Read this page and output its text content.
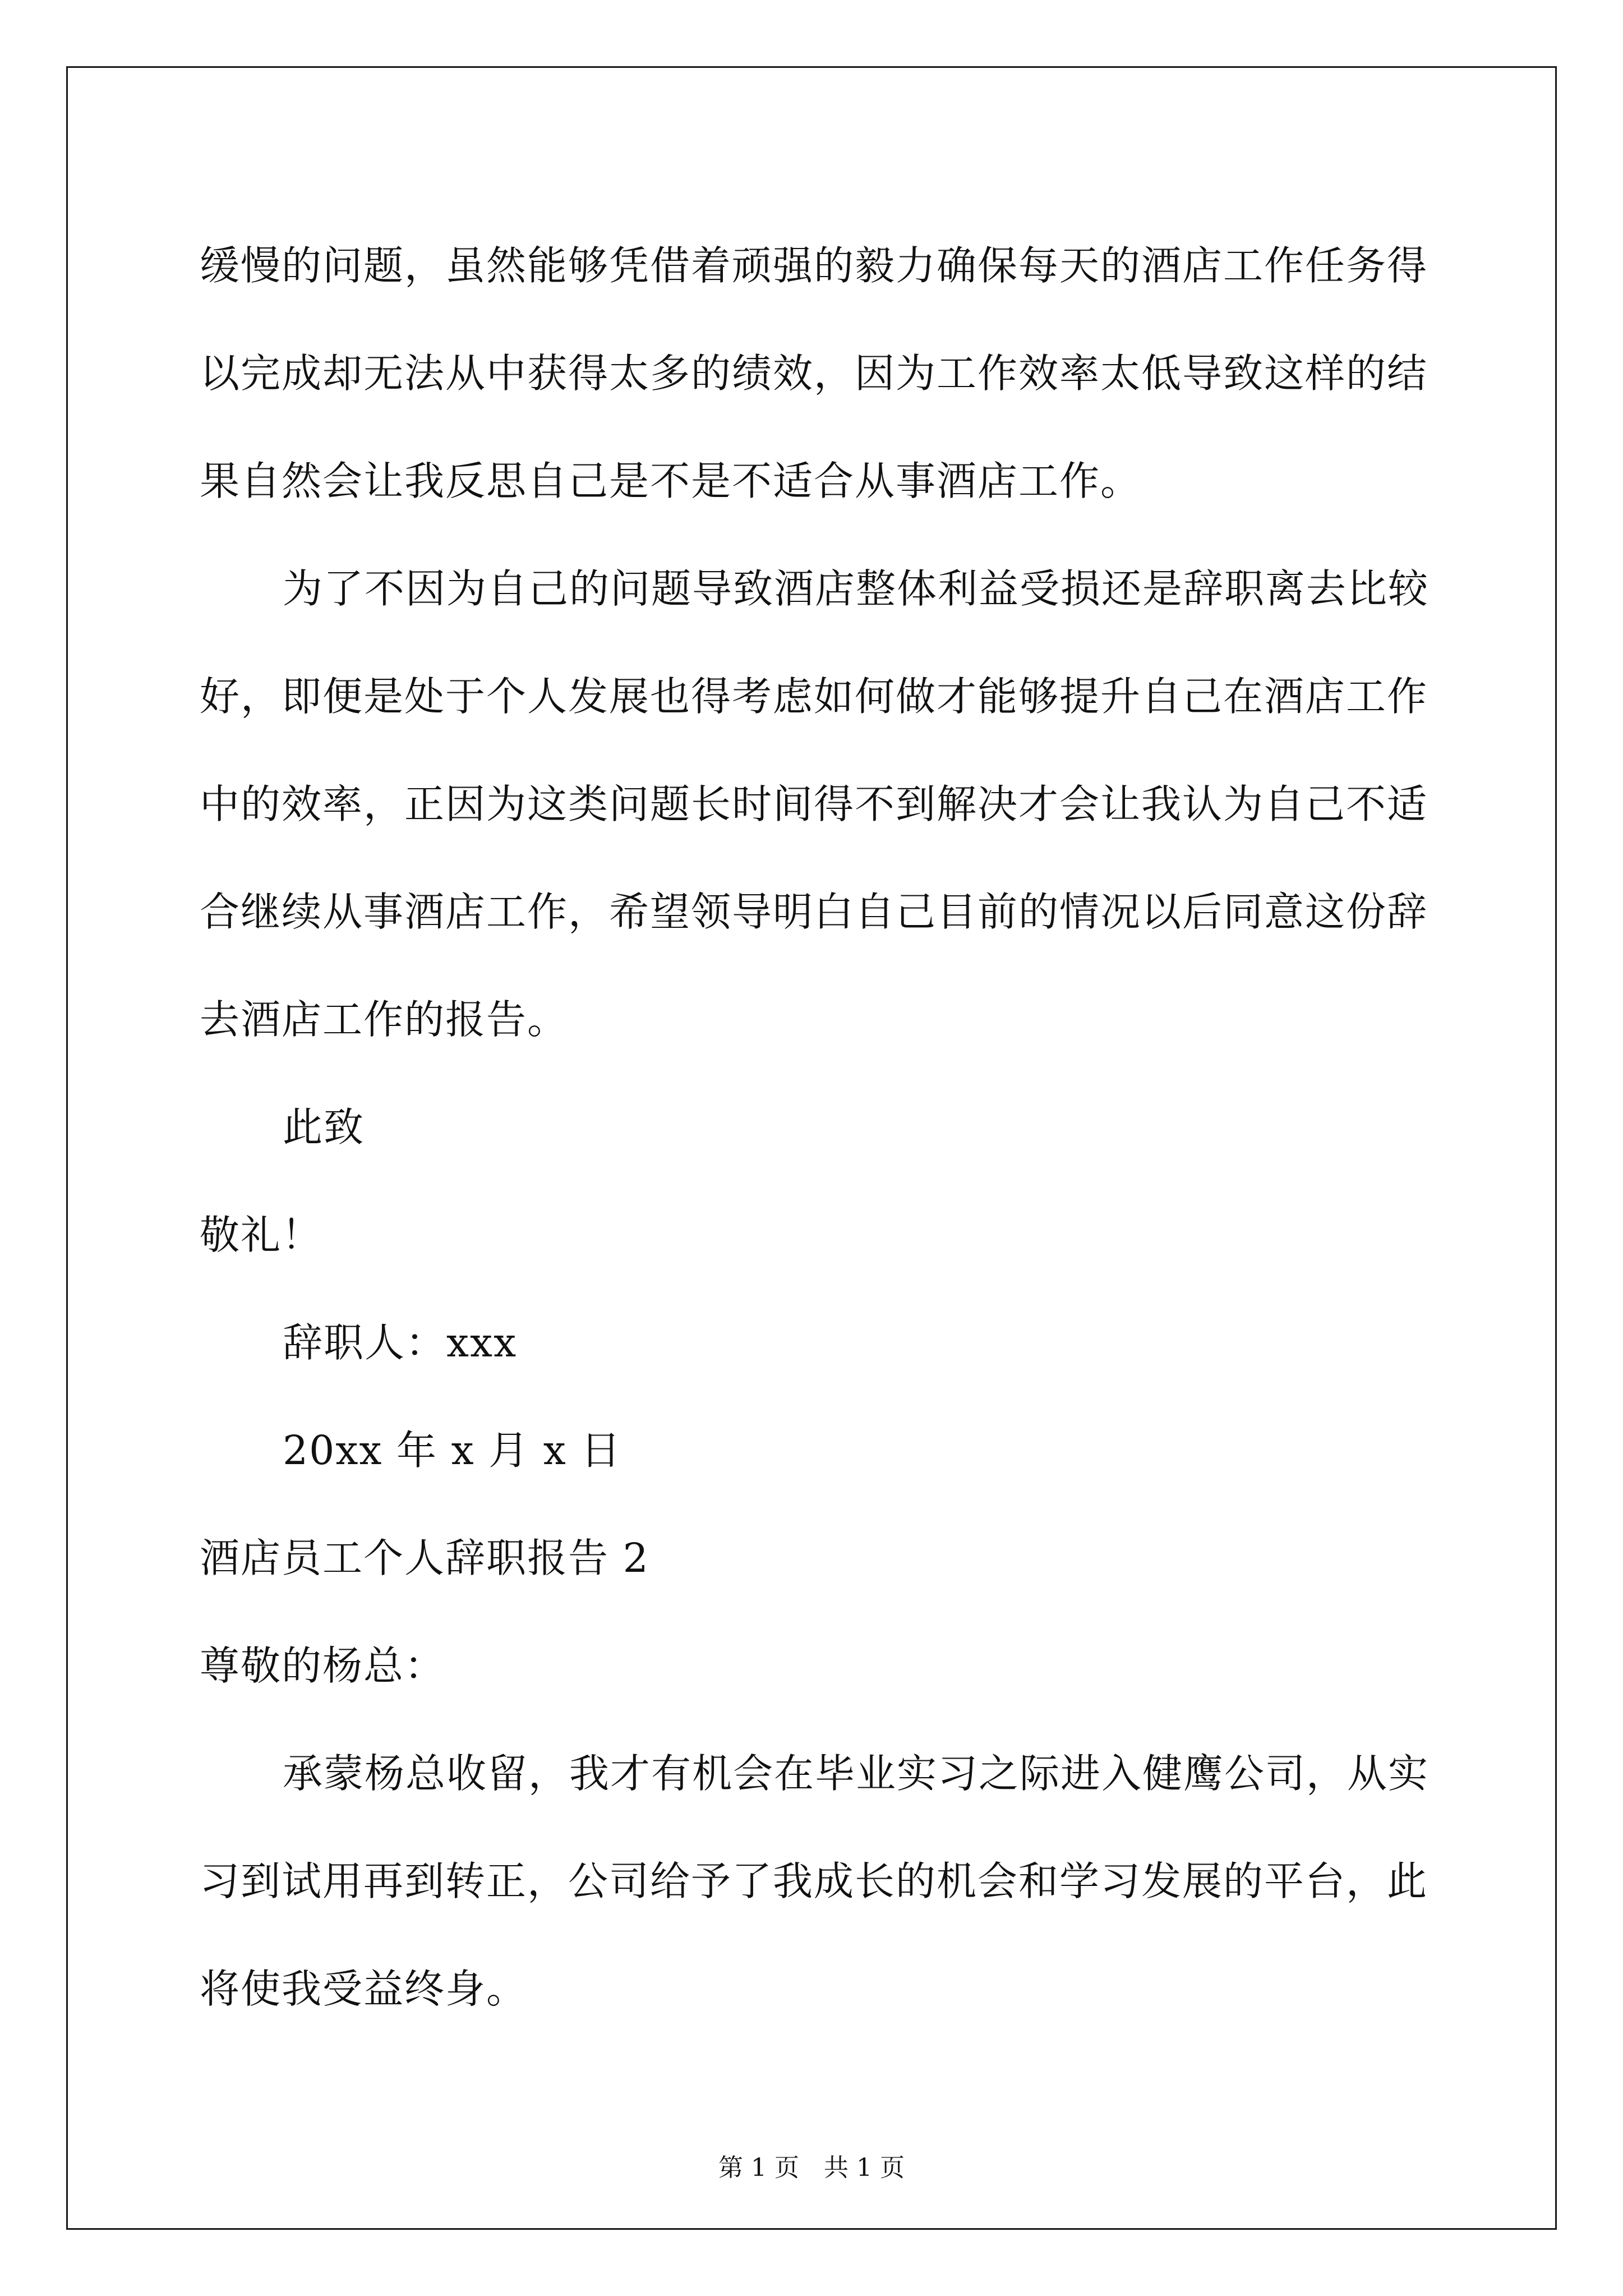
缓慢的问题，虽然能够凭借着顽强的毅力确保每天的酒店工作任务得
以完成却无法从中获得太多的绩效，因为工作效率太低导致这样的结
果自然会让我反思自己是不是不适合从事酒店工作。
为了不因为自己的问题导致酒店整体利益受损还是辞职离去比较
好，即便是处于个人发展也得考虑如何做才能够提升自己在酒店工作
中的效率，正因为这类问题长时间得不到解决才会让我认为自己不适
合继续从事酒店工作，希望领导明白自己目前的情况以后同意这份辞
去酒店工作的报告。
此致
敬礼！
辞职人：xxx
20xx 年 x 月 x 日
酒店员工个人辞职报告 2
尊敬的杨总：
承蒙杨总收留，我才有机会在毕业实习之际进入健鹰公司，从实
习到试用再到转正，公司给予了我成长的机会和学习发展的平台，此
将使我受益终身。
第 1 页　共 1 页
